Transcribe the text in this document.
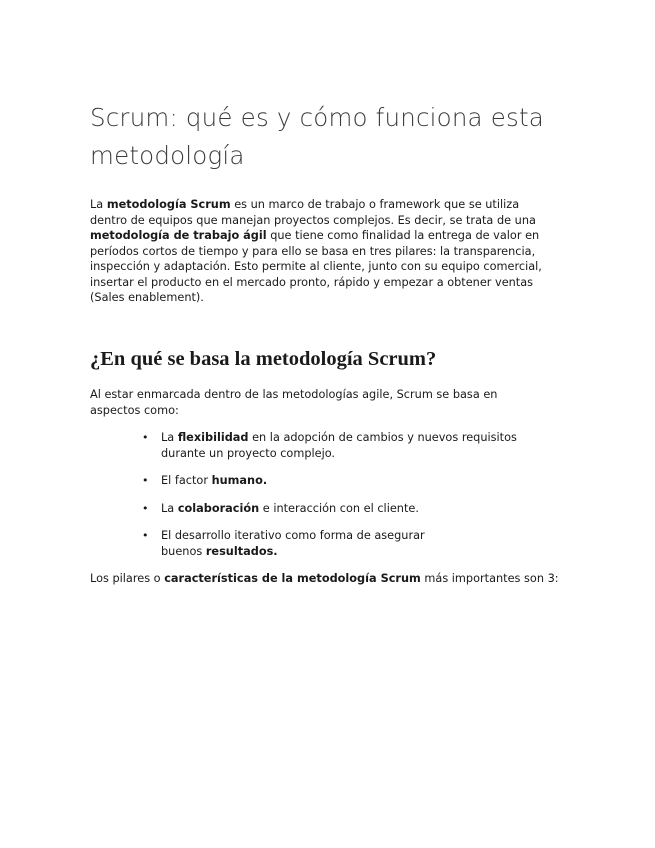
Scrum: qué es y cómo funciona esta metodología

La metodología Scrum es un marco de trabajo o framework que se utiliza dentro de equipos que manejan proyectos complejos. Es decir, se trata de una metodología de trabajo ágil que tiene como finalidad la entrega de valor en períodos cortos de tiempo y para ello se basa en tres pilares: la transparencia, inspección y adaptación. Esto permite al cliente, junto con su equipo comercial, insertar el producto en el mercado pronto, rápido y empezar a obtener ventas (Sales enablement).

¿En qué se basa la metodología Scrum?

Al estar enmarcada dentro de las metodologías agile, Scrum se basa en aspectos como:

• La flexibilidad en la adopción de cambios y nuevos requisitos durante un proyecto complejo.
• El factor humano.
• La colaboración e interacción con el cliente.
• El desarrollo iterativo como forma de asegurar buenos resultados.

Los pilares o características de la metodología Scrum más importantes son 3:
